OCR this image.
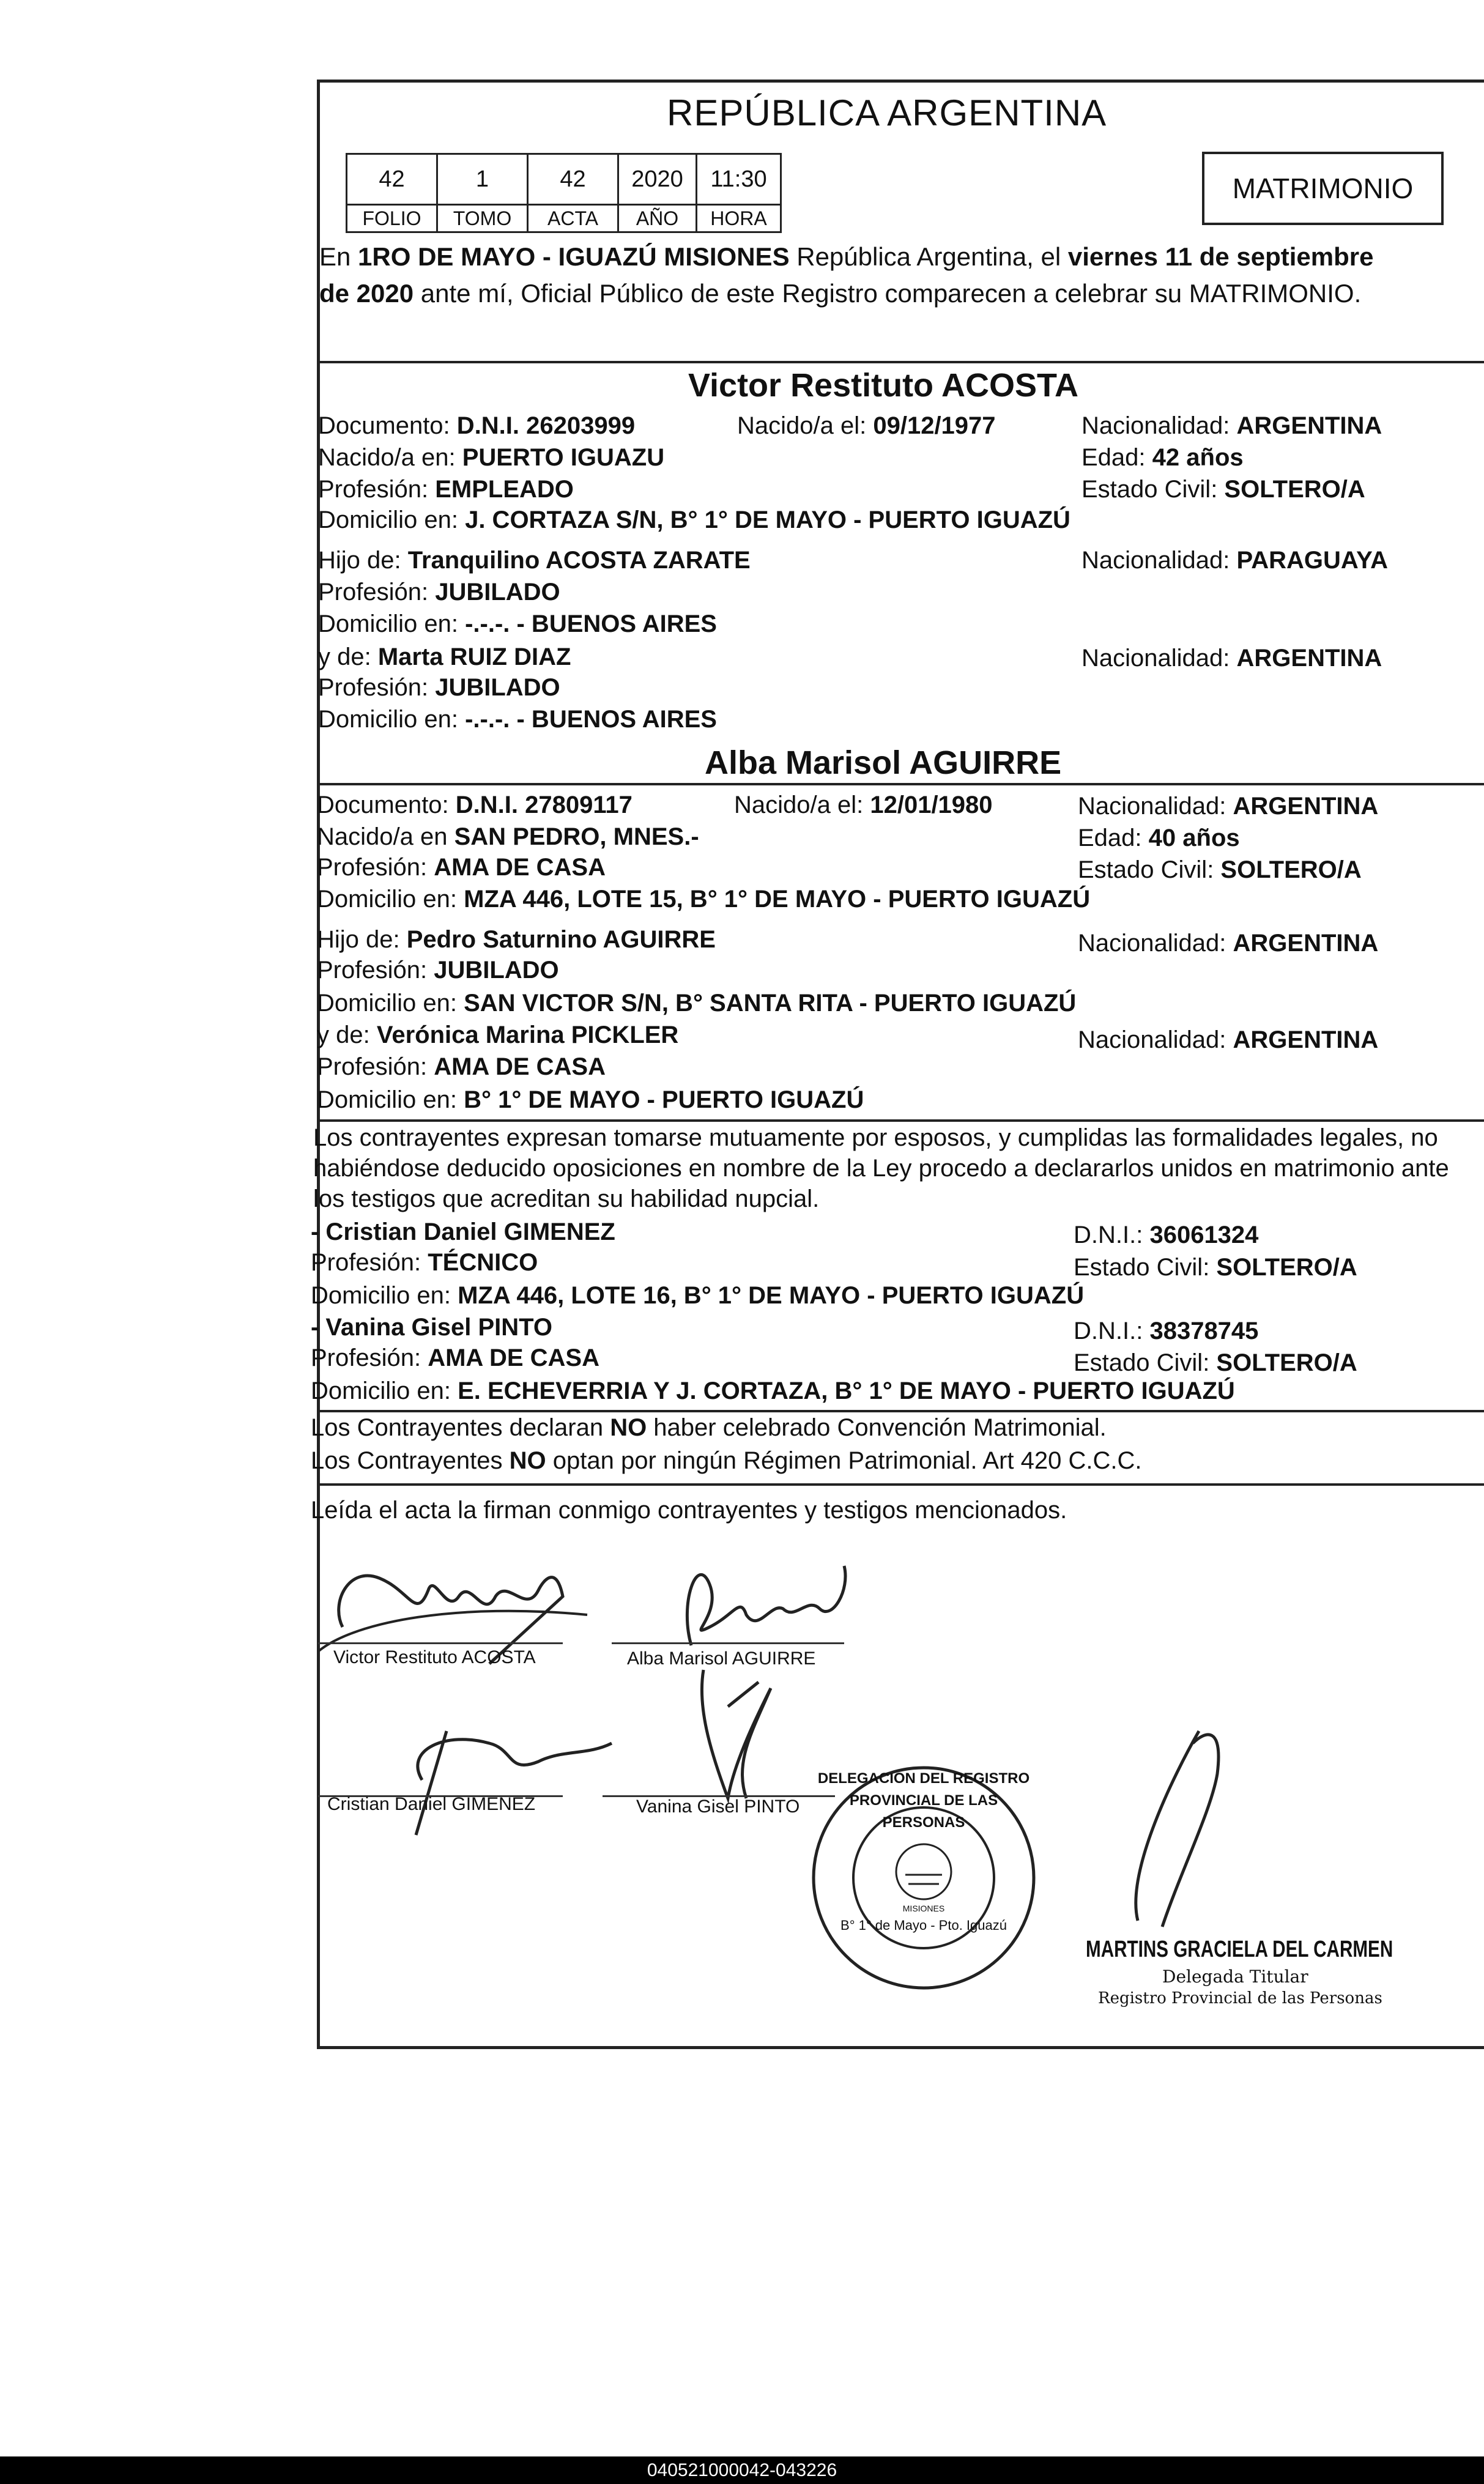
REPÚBLICA ARGENTINA
42	1	42	2020	11:30
FOLIO	TOMO	ACTA	AÑO	HORA
MATRIMONIO
En 1RO DE MAYO - IGUAZÚ MISIONES República Argentina, el viernes 11 de septiembre
de 2020 ante mí, Oficial Público de este Registro comparecen a celebrar su MATRIMONIO.
Victor Restituto ACOSTA
Documento: D.N.I. 26203999	Nacido/a el: 09/12/1977	Nacionalidad: ARGENTINA
Nacido/a en: PUERTO IGUAZU	Edad: 42 años
Profesión: EMPLEADO	Estado Civil: SOLTERO/A
Domicilio en: J. CORTAZA S/N, B° 1° DE MAYO - PUERTO IGUAZÚ
Hijo de: Tranquilino ACOSTA ZARATE	Nacionalidad: PARAGUAYA
Profesión: JUBILADO
Domicilio en: -.-.-. - BUENOS AIRES
y de: Marta RUIZ DIAZ	Nacionalidad: ARGENTINA
Profesión: JUBILADO
Domicilio en: -.-.-. - BUENOS AIRES
Alba Marisol AGUIRRE
Documento: D.N.I. 27809117	Nacido/a el: 12/01/1980	Nacionalidad: ARGENTINA
Nacido/a en SAN PEDRO, MNES.-	Edad: 40 años
Profesión: AMA DE CASA	Estado Civil: SOLTERO/A
Domicilio en: MZA 446, LOTE 15, B° 1° DE MAYO - PUERTO IGUAZÚ
Hijo de: Pedro Saturnino AGUIRRE	Nacionalidad: ARGENTINA
Profesión: JUBILADO
Domicilio en: SAN VICTOR S/N, B° SANTA RITA - PUERTO IGUAZÚ
y de: Verónica Marina PICKLER	Nacionalidad: ARGENTINA
Profesión: AMA DE CASA
Domicilio en: B° 1° DE MAYO - PUERTO IGUAZÚ
Los contrayentes expresan tomarse mutuamente por esposos, y cumplidas las formalidades legales, no
habiéndose deducido oposiciones en nombre de la Ley procedo a declararlos unidos en matrimonio ante
los testigos que acreditan su habilidad nupcial.
- Cristian Daniel GIMENEZ	D.N.I.: 36061324
Profesión: TÉCNICO	Estado Civil: SOLTERO/A
Domicilio en: MZA 446, LOTE 16, B° 1° DE MAYO - PUERTO IGUAZÚ
- Vanina Gisel PINTO	D.N.I.: 38378745
Profesión: AMA DE CASA	Estado Civil: SOLTERO/A
Domicilio en: E. ECHEVERRIA Y J. CORTAZA, B° 1° DE MAYO - PUERTO IGUAZÚ
Los Contrayentes declaran NO haber celebrado Convención Matrimonial.
Los Contrayentes NO optan por ningún Régimen Patrimonial. Art 420 C.C.C.
Leída el acta la firman conmigo contrayentes y testigos mencionados.
Victor Restituto ACOSTA	Alba Marisol AGUIRRE
Cristian Daniel GIMENEZ	Vanina Gisel PINTO
DELEGACION DEL REGISTRO PROVINCIAL DE LAS PERSONAS
B° 1° de Mayo - Pto. Iguazú
MISIONES
MARTINS GRACIELA DEL CARMEN
Delegada Titular
Registro Provincial de las Personas
040521000042-043226
